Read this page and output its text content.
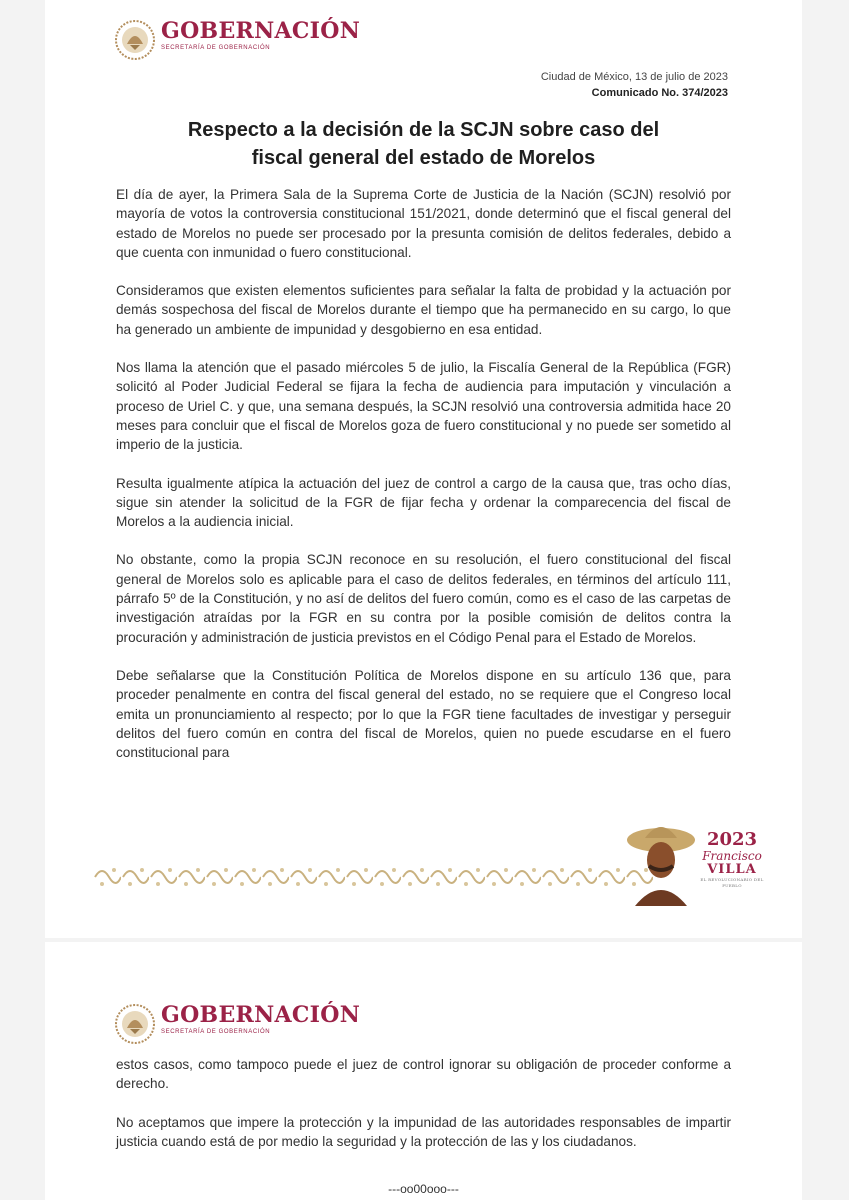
GOBERNACIÓN
SECRETARÍA DE GOBERNACIÓN
Ciudad de México, 13 de julio de 2023
Comunicado No. 374/2023
Respecto a la decisión de la SCJN sobre caso del
fiscal general del estado de Morelos

El día de ayer, la Primera Sala de la Suprema Corte de Justicia de la Nación (SCJN) resolvió por mayoría de votos la controversia constitucional 151/2021, donde determinó que el fiscal general del estado de Morelos no puede ser procesado por la presunta comisión de delitos federales, debido a que cuenta con inmunidad o fuero constitucional.

Consideramos que existen elementos suficientes para señalar la falta de probidad y la actuación por demás sospechosa del fiscal de Morelos durante el tiempo que ha permanecido en su cargo, lo que ha generado un ambiente de impunidad y desgobierno en esa entidad.

Nos llama la atención que el pasado miércoles 5 de julio, la Fiscalía General de la República (FGR) solicitó al Poder Judicial Federal se fijara la fecha de audiencia para imputación y vinculación a proceso de Uriel C. y que, una semana después, la SCJN resolvió una controversia admitida hace 20 meses para concluir que el fiscal de Morelos goza de fuero constitucional y no puede ser sometido al imperio de la justicia.

Resulta igualmente atípica la actuación del juez de control a cargo de la causa que, tras ocho días, sigue sin atender la solicitud de la FGR de fijar fecha y ordenar la comparecencia del fiscal de Morelos a la audiencia inicial.

No obstante, como la propia SCJN reconoce en su resolución, el fuero constitucional del fiscal general de Morelos solo es aplicable para el caso de delitos federales, en términos del artículo 111, párrafo 5º de la Constitución, y no así de delitos del fuero común, como es el caso de las carpetas de investigación atraídas por la FGR en su contra por la posible comisión de delitos contra la procuración y administración de justicia previstos en el Código Penal para el Estado de Morelos.

Debe señalarse que la Constitución Política de Morelos dispone en su artículo 136 que, para proceder penalmente en contra del fiscal general del estado, no se requiere que el Congreso local emita un pronunciamiento al respecto; por lo que la FGR tiene facultades de investigar y perseguir delitos del fuero común en contra del fiscal de Morelos, quien no puede escudarse en el fuero constitucional para

2023
Francisco
VILLA
EL REVOLUCIONARIO DEL PUEBLO
GOBERNACIÓN
SECRETARÍA DE GOBERNACIÓN

estos casos, como tampoco puede el juez de control ignorar su obligación de proceder conforme a derecho.

No aceptamos que impere la protección y la impunidad de las autoridades responsables de impartir justicia cuando está de por medio la seguridad y la protección de las y los ciudadanos.

---oo00ooo---
